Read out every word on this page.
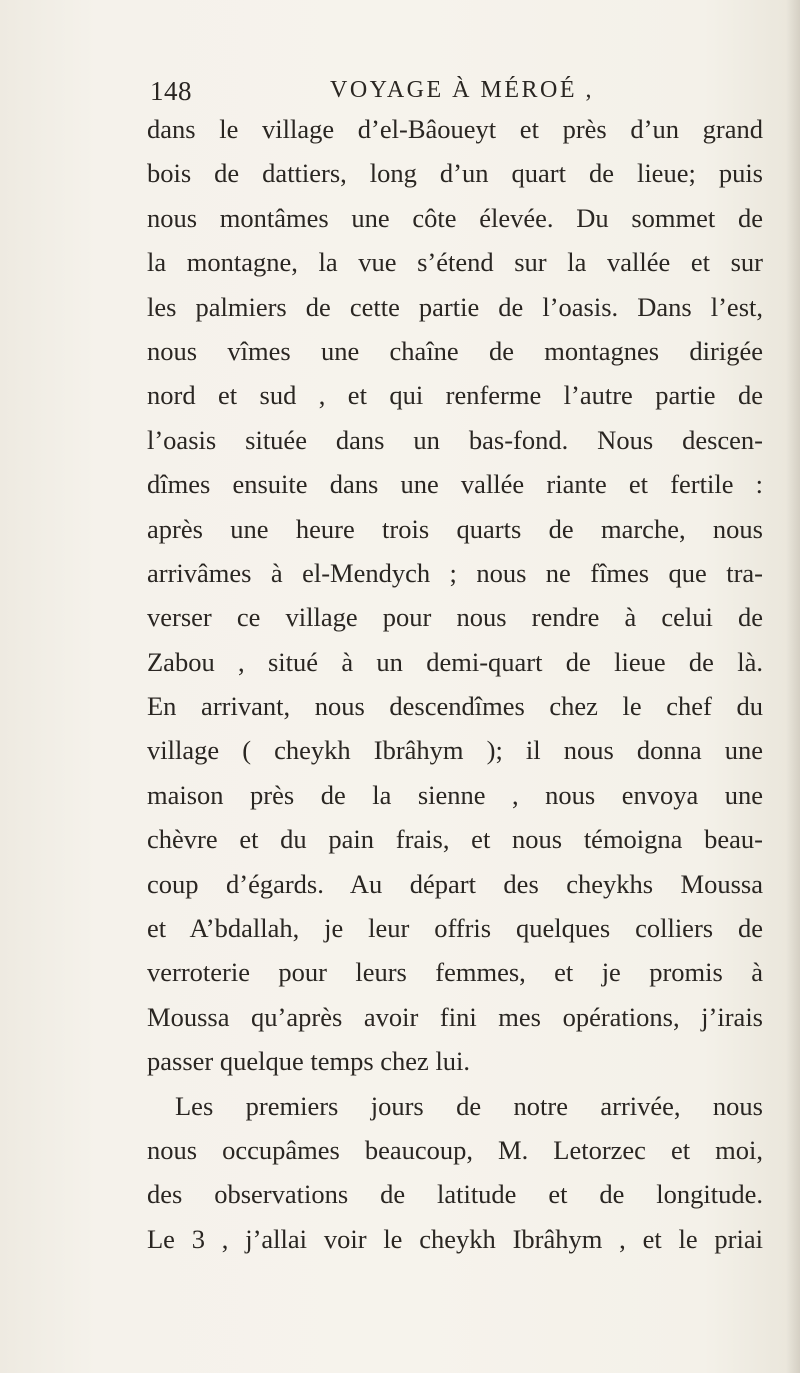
148	VOYAGE À MÉROÉ ,
dans le village d’el-Bâoueyt et près d’un grand
bois de dattiers, long d’un quart de lieue; puis
nous montâmes une côte élevée. Du sommet de
la montagne, la vue s’étend sur la vallée et sur
les palmiers de cette partie de l’oasis. Dans l’est,
nous vîmes une chaîne de montagnes dirigée
nord et sud , et qui renferme l’autre partie de
l’oasis située dans un bas-fond. Nous descen-
dîmes ensuite dans une vallée riante et fertile :
après une heure trois quarts de marche, nous
arrivâmes à el-Mendych ; nous ne fîmes que tra-
verser ce village pour nous rendre à celui de
Zabou , situé à un demi-quart de lieue de là.
En arrivant, nous descendîmes chez le chef du
village ( cheykh Ibrâhym ); il nous donna une
maison près de la sienne , nous envoya une
chèvre et du pain frais, et nous témoigna beau-
coup d’égards. Au départ des cheykhs Moussa
et A’bdallah, je leur offris quelques colliers de
verroterie pour leurs femmes, et je promis à
Moussa qu’après avoir fini mes opérations, j’irais
passer quelque temps chez lui.
Les premiers jours de notre arrivée, nous
nous occupâmes beaucoup, M. Letorzec et moi,
des observations de latitude et de longitude.
Le 3 , j’allai voir le cheykh Ibrâhym , et le priai
